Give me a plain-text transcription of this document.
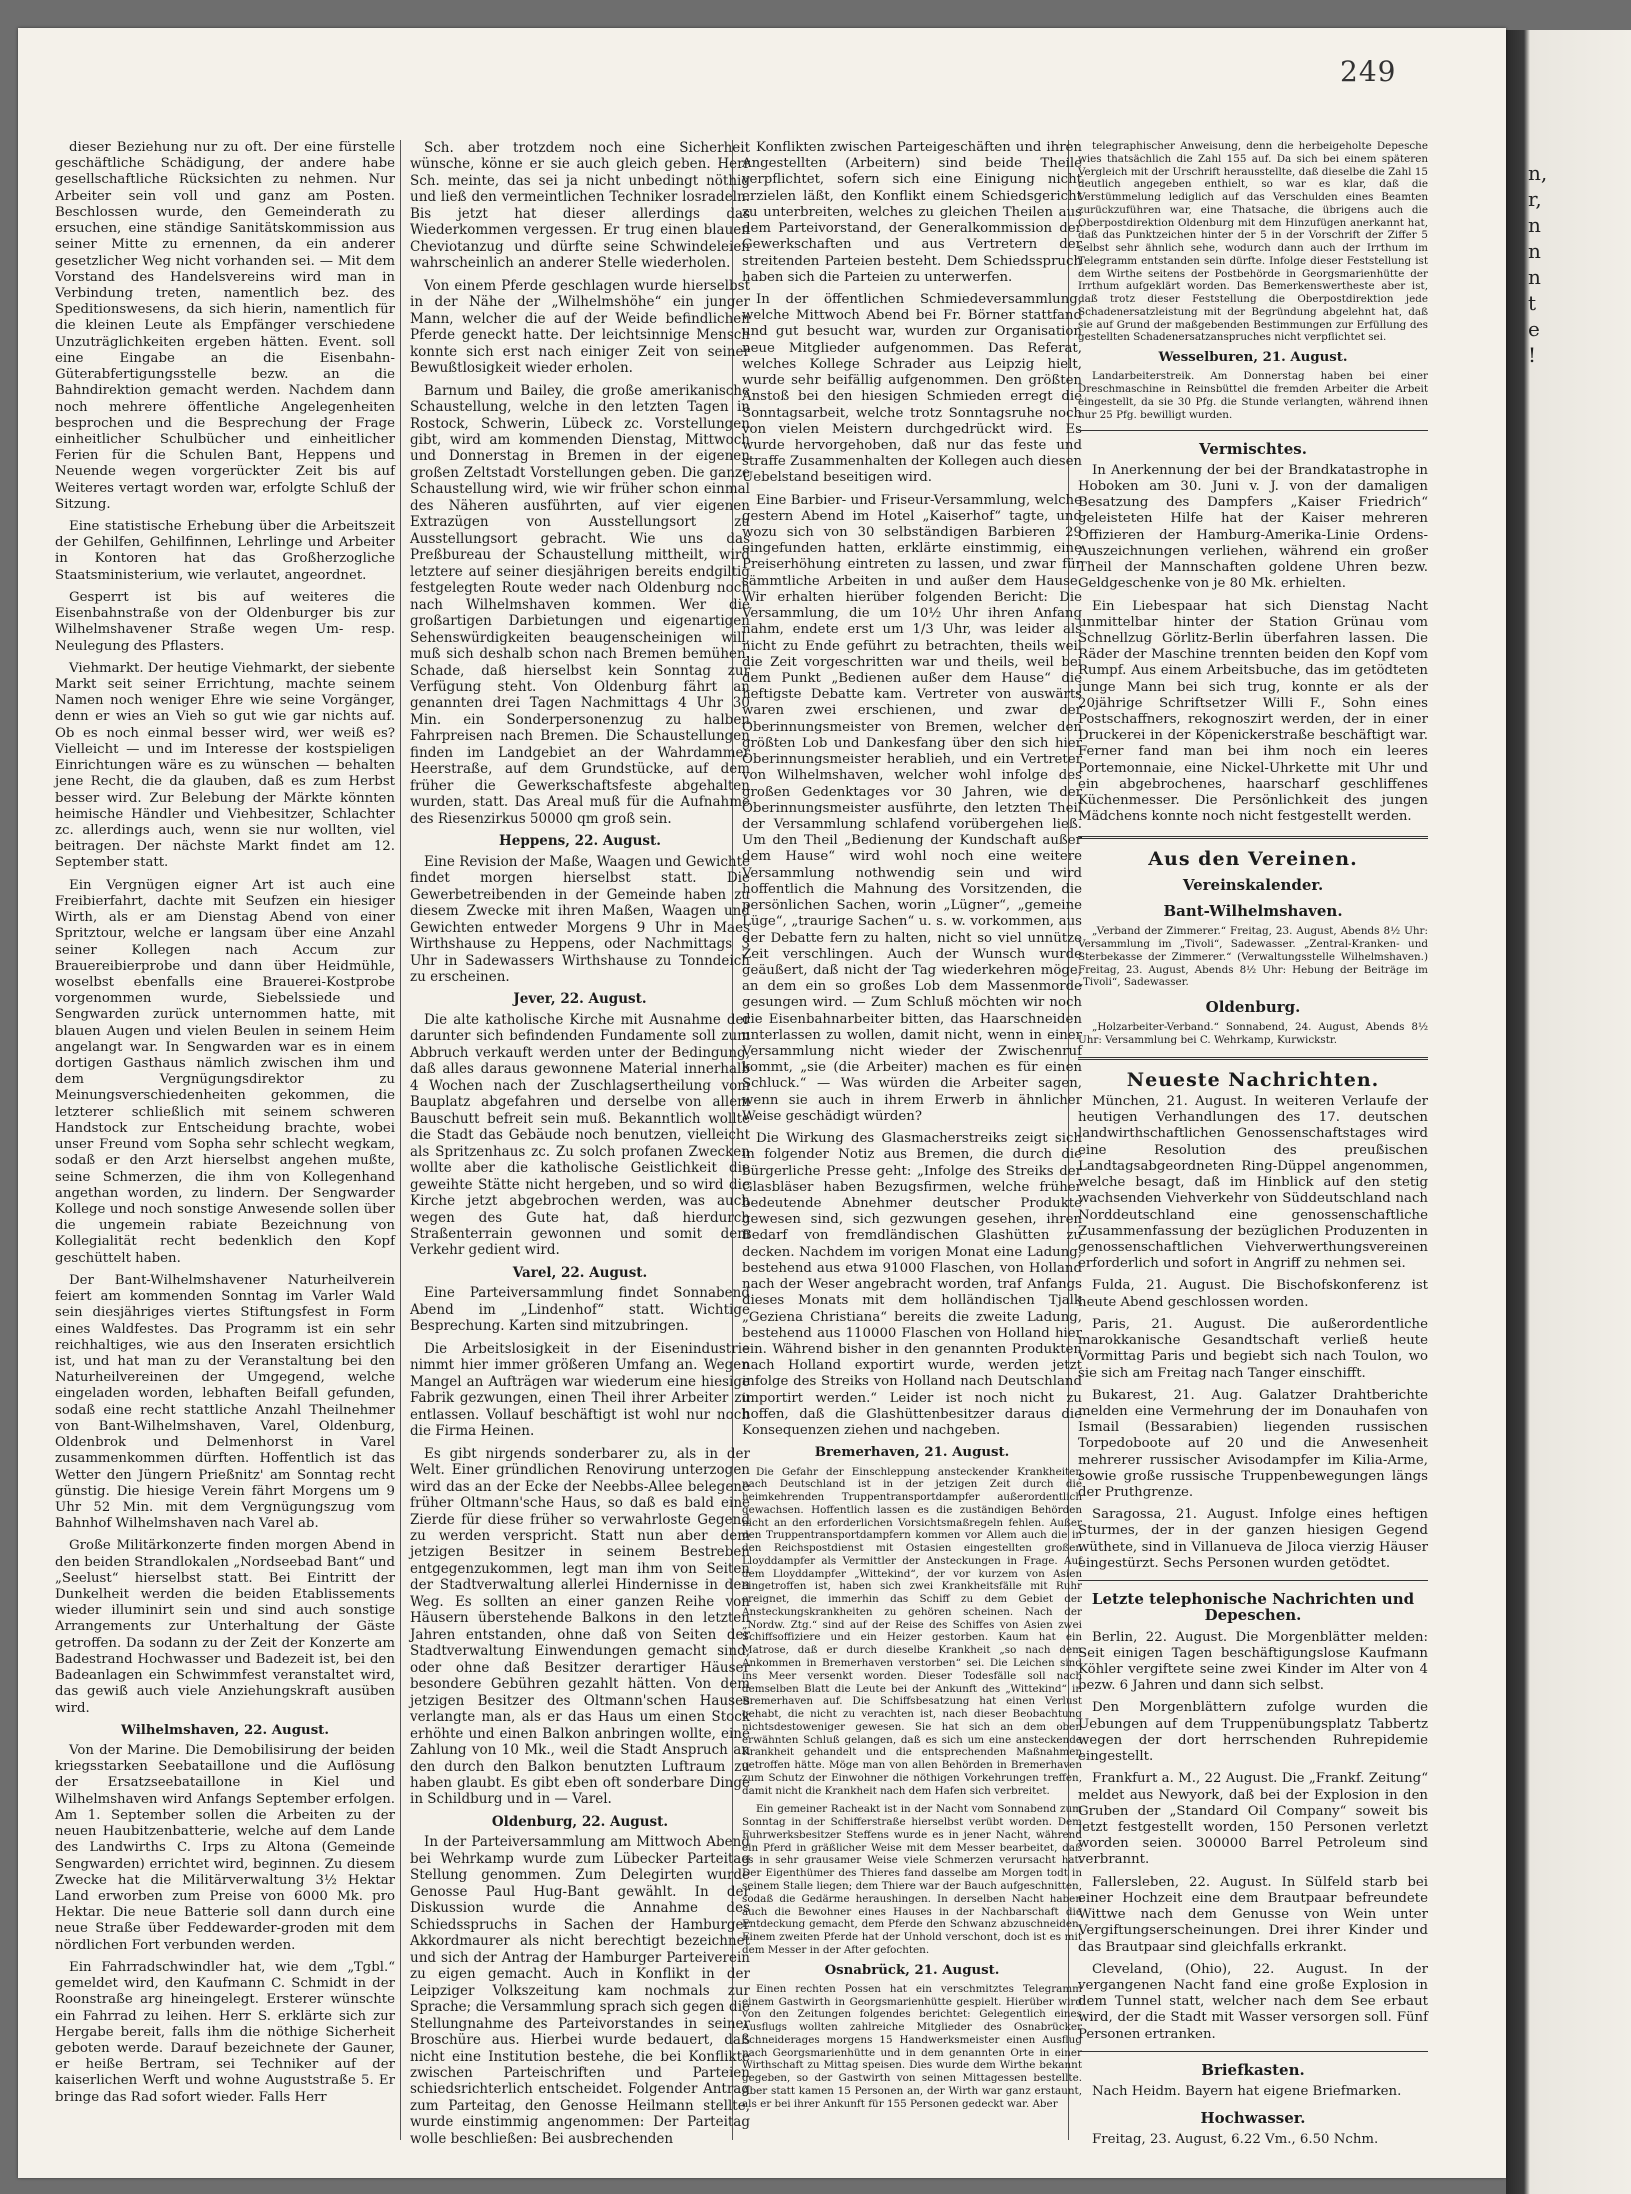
n,
r,
n
n
n
t
e
!
249

dieser Beziehung nur zu oft. Der eine fürstelle geschäftliche Schädigung, der andere habe gesellschaftliche Rücksichten zu nehmen. Nur Arbeiter sein voll und ganz am Posten. Beschlossen wurde, den Gemeinderath zu ersuchen, eine ständige Sanitätskommission aus seiner Mitte zu ernennen, da ein anderer gesetzlicher Weg nicht vorhanden sei. — Mit dem Vorstand des Handelsvereins wird man in Verbindung treten, namentlich bez. des Speditionswesens, da sich hierin, namentlich für die kleinen Leute als Empfänger verschiedene Unzuträglichkeiten ergeben hätten. Event. soll eine Eingabe an die Eisenbahn-Güterabfertigungsstelle bezw. an die Bahndirektion gemacht werden. Nachdem dann noch mehrere öffentliche Angelegenheiten besprochen und die Besprechung der Frage einheitlicher Schulbücher und einheitlicher Ferien für die Schulen Bant, Heppens und Neuende wegen vorgerückter Zeit bis auf Weiteres vertagt worden war, erfolgte Schluß der Sitzung.

Eine statistische Erhebung über die Arbeitszeit der Gehilfen, Gehilfinnen, Lehrlinge und Arbeiter in Kontoren hat das Großherzogliche Staatsministerium, wie verlautet, angeordnet.

Gesperrt ist bis auf weiteres die Eisenbahnstraße von der Oldenburger bis zur Wilhelmshavener Straße wegen Um- resp. Neulegung des Pflasters.

Viehmarkt. Der heutige Viehmarkt, der siebente Markt seit seiner Errichtung, machte seinem Namen noch weniger Ehre wie seine Vorgänger, denn er wies an Vieh so gut wie gar nichts auf. Ob es noch einmal besser wird, wer weiß es? Vielleicht — und im Interesse der kostspieligen Einrichtungen wäre es zu wünschen — behalten jene Recht, die da glauben, daß es zum Herbst besser wird. Zur Belebung der Märkte könnten heimische Händler und Viehbesitzer, Schlachter zc. allerdings auch, wenn sie nur wollten, viel beitragen. Der nächste Markt findet am 12. September statt.

Ein Vergnügen eigner Art ist auch eine Freibierfahrt, dachte mit Seufzen ein hiesiger Wirth, als er am Dienstag Abend von einer Spritztour, welche er langsam über eine Anzahl seiner Kollegen nach Accum zur Brauereibierprobe und dann über Heidmühle, woselbst ebenfalls eine Brauerei-Kostprobe vorgenommen wurde, Siebelssiede und Sengwarden zurück unternommen hatte, mit blauen Augen und vielen Beulen in seinem Heim angelangt war. In Sengwarden war es in einem dortigen Gasthaus nämlich zwischen ihm und dem Vergnügungsdirektor zu Meinungsverschiedenheiten gekommen, die letzterer schließlich mit seinem schweren Handstock zur Entscheidung brachte, wobei unser Freund vom Sopha sehr schlecht wegkam, sodaß er den Arzt hierselbst angehen mußte, seine Schmerzen, die ihm von Kollegenhand angethan worden, zu lindern. Der Sengwarder Kollege und noch sonstige Anwesende sollen über die ungemein rabiate Bezeichnung von Kollegialität recht bedenklich den Kopf geschüttelt haben.

Der Bant-Wilhelmshavener Naturheilverein feiert am kommenden Sonntag im Varler Wald sein diesjähriges viertes Stiftungsfest in Form eines Waldfestes. Das Programm ist ein sehr reichhaltiges, wie aus den Inseraten ersichtlich ist, und hat man zu der Veranstaltung bei den Naturheilvereinen der Umgegend, welche eingeladen worden, lebhaften Beifall gefunden, sodaß eine recht stattliche Anzahl Theilnehmer von Bant-Wilhelmshaven, Varel, Oldenburg, Oldenbrok und Delmenhorst in Varel zusammenkommen dürften. Hoffentlich ist das Wetter den Jüngern Prießnitz' am Sonntag recht günstig. Die hiesige Verein fährt Morgens um 9 Uhr 52 Min. mit dem Vergnügungszug vom Bahnhof Wilhelmshaven nach Varel ab.

Große Militärkonzerte finden morgen Abend in den beiden Strandlokalen „Nordseebad Bant“ und „Seelust“ hierselbst statt. Bei Eintritt der Dunkelheit werden die beiden Etablissements wieder illuminirt sein und sind auch sonstige Arrangements zur Unterhaltung der Gäste getroffen. Da sodann zu der Zeit der Konzerte am Badestrand Hochwasser und Badezeit ist, bei den Badeanlagen ein Schwimmfest veranstaltet wird, das gewiß auch viele Anziehungskraft ausüben wird.

Wilhelmshaven, 22. August.

Von der Marine. Die Demobilisirung der beiden kriegsstarken Seebataillone und die Auflösung der Ersatzseebataillone in Kiel und Wilhelmshaven wird Anfangs September erfolgen. Am 1. September sollen die Arbeiten zu der neuen Haubitzenbatterie, welche auf dem Lande des Landwirths C. Irps zu Altona (Gemeinde Sengwarden) errichtet wird, beginnen. Zu diesem Zwecke hat die Militärverwaltung 3½ Hektar Land erworben zum Preise von 6000 Mk. pro Hektar. Die neue Batterie soll dann durch eine neue Straße über Feddewarder-groden mit dem nördlichen Fort verbunden werden.

Ein Fahrradschwindler hat, wie dem „Tgbl.“ gemeldet wird, den Kaufmann C. Schmidt in der Roonstraße arg hineingelegt. Ersterer wünschte ein Fahrrad zu leihen. Herr S. erklärte sich zur Hergabe bereit, falls ihm die nöthige Sicherheit geboten werde. Darauf bezeichnete der Gauner, er heiße Bertram, sei Techniker auf der kaiserlichen Werft und wohne Auguststraße 5. Er bringe das Rad sofort wieder. Falls Herr

Sch. aber trotzdem noch eine Sicherheit wünsche, könne er sie auch gleich geben. Herr Sch. meinte, das sei ja nicht unbedingt nöthig und ließ den vermeintlichen Techniker losradeln. Bis jetzt hat dieser allerdings das Wiederkommen vergessen. Er trug einen blauen Cheviotanzug und dürfte seine Schwindeleien wahrscheinlich an anderer Stelle wiederholen.

Von einem Pferde geschlagen wurde hierselbst in der Nähe der „Wilhelmshöhe“ ein junger Mann, welcher die auf der Weide befindlichen Pferde geneckt hatte. Der leichtsinnige Mensch konnte sich erst nach einiger Zeit von seiner Bewußtlosigkeit wieder erholen.

Barnum und Bailey, die große amerikanische Schaustellung, welche in den letzten Tagen in Rostock, Schwerin, Lübeck zc. Vorstellungen gibt, wird am kommenden Dienstag, Mittwoch und Donnerstag in Bremen in der eigenen großen Zeltstadt Vorstellungen geben. Die ganze Schaustellung wird, wie wir früher schon einmal des Näheren ausführten, auf vier eigenen Extrazügen von Ausstellungsort zu Ausstellungsort gebracht. Wie uns das Preßbureau der Schaustellung mittheilt, wird letztere auf seiner diesjährigen bereits endgiltig festgelegten Route weder nach Oldenburg noch nach Wilhelmshaven kommen. Wer die großartigen Darbietungen und eigenartigen Sehenswürdigkeiten beaugenscheinigen will, muß sich deshalb schon nach Bremen bemühen. Schade, daß hierselbst kein Sonntag zur Verfügung steht. Von Oldenburg fährt an genannten drei Tagen Nachmittags 4 Uhr 30 Min. ein Sonderpersonenzug zu halben Fahrpreisen nach Bremen. Die Schaustellungen finden im Landgebiet an der Wahrdammer Heerstraße, auf dem Grundstücke, auf dem früher die Gewerkschaftsfeste abgehalten wurden, statt. Das Areal muß für die Aufnahme des Riesenzirkus 50000 qm groß sein.

Heppens, 22. August.

Eine Revision der Maße, Waagen und Gewichte findet morgen hierselbst statt. Die Gewerbetreibenden in der Gemeinde haben zu diesem Zwecke mit ihren Maßen, Waagen und Gewichten entweder Morgens 9 Uhr in Maes Wirthshause zu Heppens, oder Nachmittags 3 Uhr in Sadewassers Wirthshause zu Tonndeich zu erscheinen.

Jever, 22. August.

Die alte katholische Kirche mit Ausnahme der darunter sich befindenden Fundamente soll zum Abbruch verkauft werden unter der Bedingung, daß alles daraus gewonnene Material innerhalb 4 Wochen nach der Zuschlagsertheilung vom Bauplatz abgefahren und derselbe von allem Bauschutt befreit sein muß. Bekanntlich wollte die Stadt das Gebäude noch benutzen, vielleicht als Spritzenhaus zc. Zu solch profanen Zwecken wollte aber die katholische Geistlichkeit die geweihte Stätte nicht hergeben, und so wird die Kirche jetzt abgebrochen werden, was auch wegen des Gute hat, daß hierdurch Straßenterrain gewonnen und somit dem Verkehr gedient wird.

Varel, 22. August.

Eine Parteiversammlung findet Sonnabend Abend im „Lindenhof“ statt. Wichtige Besprechung. Karten sind mitzubringen.

Die Arbeitslosigkeit in der Eisenindustrie nimmt hier immer größeren Umfang an. Wegen Mangel an Aufträgen war wiederum eine hiesige Fabrik gezwungen, einen Theil ihrer Arbeiter zu entlassen. Vollauf beschäftigt ist wohl nur noch die Firma Heinen.

Es gibt nirgends sonderbarer zu, als in der Welt. Einer gründlichen Renovirung unterzogen wird das an der Ecke der Neebbs-Allee belegene früher Oltmann'sche Haus, so daß es bald eine Zierde für diese früher so verwahrloste Gegend zu werden verspricht. Statt nun aber dem jetzigen Besitzer in seinem Bestreben entgegenzukommen, legt man ihm von Seiten der Stadtverwaltung allerlei Hindernisse in den Weg. Es sollten an einer ganzen Reihe von Häusern überstehende Balkons in den letzten Jahren entstanden, ohne daß von Seiten der Stadtverwaltung Einwendungen gemacht sind, oder ohne daß Besitzer derartiger Häuser besondere Gebühren gezahlt hätten. Von dem jetzigen Besitzer des Oltmann'schen Hauses verlangte man, als er das Haus um einen Stock erhöhte und einen Balkon anbringen wollte, eine Zahlung von 10 Mk., weil die Stadt Anspruch an den durch den Balkon benutzten Luftraum zu haben glaubt. Es gibt eben oft sonderbare Dinge in Schildburg und in — Varel.

Oldenburg, 22. August.

In der Parteiversammlung am Mittwoch Abend bei Wehrkamp wurde zum Lübecker Parteitag Stellung genommen. Zum Delegirten wurde Genosse Paul Hug-Bant gewählt. In der Diskussion wurde die Annahme des Schiedsspruchs in Sachen der Hamburger Akkordmaurer als nicht berechtigt bezeichnet und sich der Antrag der Hamburger Parteiverein zu eigen gemacht. Auch in Konflikt in der Leipziger Volkszeitung kam nochmals zur Sprache; die Versammlung sprach sich gegen die Stellungnahme des Parteivorstandes in seiner Broschüre aus. Hierbei wurde bedauert, daß nicht eine Institution bestehe, die bei Konflikte zwischen Parteischriften und Parteien schiedsrichterlich entscheidet. Folgender Antrag zum Parteitag, den Genosse Heilmann stellte, wurde einstimmig angenommen: Der Parteitag wolle beschließen: Bei ausbrechenden

Konflikten zwischen Parteigeschäften und ihren Angestellten (Arbeitern) sind beide Theile verpflichtet, sofern sich eine Einigung nicht erzielen läßt, den Konflikt einem Schiedsgericht zu unterbreiten, welches zu gleichen Theilen aus dem Parteivorstand, der Generalkommission der Gewerkschaften und aus Vertretern der streitenden Parteien besteht. Dem Schiedsspruch haben sich die Parteien zu unterwerfen.

In der öffentlichen Schmiedeversammlung, welche Mittwoch Abend bei Fr. Börner stattfand und gut besucht war, wurden zur Organisation neue Mitglieder aufgenommen. Das Referat, welches Kollege Schrader aus Leipzig hielt, wurde sehr beifällig aufgenommen. Den größten Anstoß bei den hiesigen Schmieden erregt die Sonntagsarbeit, welche trotz Sonntagsruhe noch von vielen Meistern durchgedrückt wird. Es wurde hervorgehoben, daß nur das feste und straffe Zusammenhalten der Kollegen auch diesen Uebelstand beseitigen wird.

Eine Barbier- und Friseur-Versammlung, welche gestern Abend im Hotel „Kaiserhof“ tagte, und wozu sich von 30 selbständigen Barbieren 29 eingefunden hatten, erklärte einstimmig, eine Preiserhöhung eintreten zu lassen, und zwar für sämmtliche Arbeiten in und außer dem Hause. Wir erhalten hierüber folgenden Bericht: Die Versammlung, die um 10½ Uhr ihren Anfang nahm, endete erst um 1/3 Uhr, was leider als nicht zu Ende geführt zu betrachten, theils weil die Zeit vorgeschritten war und theils, weil bei dem Punkt „Bedienen außer dem Hause“ die heftigste Debatte kam. Vertreter von auswärts waren zwei erschienen, und zwar der Oberinnungsmeister von Bremen, welcher den größten Lob und Dankesfang über den sich hier Oberinnungsmeister herablieh, und ein Vertreter von Wilhelmshaven, welcher wohl infolge des großen Gedenktages vor 30 Jahren, wie der Oberinnungsmeister ausführte, den letzten Theil der Versammlung schlafend vorübergehen ließ. Um den Theil „Bedienung der Kundschaft außer dem Hause“ wird wohl noch eine weitere Versammlung nothwendig sein und wird hoffentlich die Mahnung des Vorsitzenden, die persönlichen Sachen, worin „Lügner“, „gemeine Lüge“, „traurige Sachen“ u. s. w. vorkommen, aus der Debatte fern zu halten, nicht so viel unnütze Zeit verschlingen. Auch der Wunsch wurde geäußert, daß nicht der Tag wiederkehren möge, an dem ein so großes Lob dem Massenmorde gesungen wird. — Zum Schluß möchten wir noch die Eisenbahnarbeiter bitten, das Haarschneiden unterlassen zu wollen, damit nicht, wenn in einer Versammlung nicht wieder der Zwischenruf kommt, „sie (die Arbeiter) machen es für einen Schluck.“ — Was würden die Arbeiter sagen, wenn sie auch in ihrem Erwerb in ähnlicher Weise geschädigt würden?

Die Wirkung des Glasmacherstreiks zeigt sich in folgender Notiz aus Bremen, die durch die bürgerliche Presse geht: „Infolge des Streiks der Glasbläser haben Bezugsfirmen, welche früher bedeutende Abnehmer deutscher Produkte gewesen sind, sich gezwungen gesehen, ihren Bedarf von fremdländischen Glashütten zu decken. Nachdem im vorigen Monat eine Ladung, bestehend aus etwa 91000 Flaschen, von Holland nach der Weser angebracht worden, traf Anfangs dieses Monats mit dem holländischen Tjalk „Geziena Christiana“ bereits die zweite Ladung, bestehend aus 110000 Flaschen von Holland hier ein. Während bisher in den genannten Produkten nach Holland exportirt wurde, werden jetzt infolge des Streiks von Holland nach Deutschland importirt werden.“ Leider ist noch nicht zu hoffen, daß die Glashüttenbesitzer daraus die Konsequenzen ziehen und nachgeben.

Bremerhaven, 21. August.

Die Gefahr der Einschleppung ansteckender Krankheiten nach Deutschland ist in der jetzigen Zeit durch die heimkehrenden Truppentransportdampfer außerordentlich gewachsen. Hoffentlich lassen es die zuständigen Behörden nicht an den erforderlichen Vorsichtsmaßregeln fehlen. Außer den Truppentransportdampfern kommen vor Allem auch die in den Reichspostdienst mit Ostasien eingestellten großen Lloyddampfer als Vermittler der Ansteckungen in Frage. Auf dem Lloyddampfer „Wittekind“, der vor kurzem von Asien eingetroffen ist, haben sich zwei Krankheitsfälle mit Ruhr ereignet, die immerhin das Schiff zu dem Gebiet der Ansteckungskrankheiten zu gehören scheinen. Nach der „Nordw. Ztg.“ sind auf der Reise des Schiffes von Asien zwei Schiffsoffiziere und ein Heizer gestorben. Kaum hat ein Matrose, daß er durch dieselbe Krankheit „so nach dem Ankommen in Bremerhaven verstorben“ sei. Die Leichen sind ins Meer versenkt worden. Dieser Todesfälle soll nach demselben Blatt die Leute bei der Ankunft des „Wittekind“ in Bremerhaven auf. Die Schiffsbesatzung hat einen Verlust gehabt, die nicht zu verachten ist, nach dieser Beobachtung nichtsdestoweniger gewesen. Sie hat sich an dem oben erwähnten Schluß gelangen, daß es sich um eine ansteckende Krankheit gehandelt und die entsprechenden Maßnahmen getroffen hätte. Möge man von allen Behörden in Bremerhaven zum Schutz der Einwohner die nöthigen Vorkehrungen treffen, damit nicht die Krankheit nach dem Hafen sich verbreitet.

Ein gemeiner Racheakt ist in der Nacht vom Sonnabend zum Sonntag in der Schifferstraße hierselbst verübt worden. Dem Fuhrwerksbesitzer Steffens wurde es in jener Nacht, während ein Pferd in gräßlicher Weise mit dem Messer bearbeitet, daß es in sehr grausamer Weise viele Schmerzen verursacht hat. Der Eigenthümer des Thieres fand dasselbe am Morgen todt in seinem Stalle liegen; dem Thiere war der Bauch aufgeschnitten, sodaß die Gedärme heraushingen. In derselben Nacht haben auch die Bewohner eines Hauses in der Nachbarschaft die Entdeckung gemacht, dem Pferde den Schwanz abzuschneiden. Einem zweiten Pferde hat der Unhold verschont, doch ist es mit dem Messer in der After gefochten.

Osnabrück, 21. August.

Einen rechten Possen hat ein verschmitztes Telegramm einem Gastwirth in Georgsmarienhütte gespielt. Hierüber wird von den Zeitungen folgendes berichtet: Gelegentlich eines Ausflugs wollten zahlreiche Mitglieder des Osnabrücker Schneiderages morgens 15 Handwerksmeister einen Ausflug nach Georgsmarienhütte und in dem genannten Orte in einer Wirthschaft zu Mittag speisen. Dies wurde dem Wirthe bekannt gegeben, so der Gastwirth von seinen Mittagessen bestellte. Aber statt kamen 15 Personen an, der Wirth war ganz erstaunt, als er bei ihrer Ankunft für 155 Personen gedeckt war. Aber

telegraphischer Anweisung, denn die herbeigeholte Depesche wies thatsächlich die Zahl 155 auf. Da sich bei einem späteren Vergleich mit der Urschrift herausstellte, daß dieselbe die Zahl 15 deutlich angegeben enthielt, so war es klar, daß die Verstümmelung lediglich auf das Verschulden eines Beamten zurückzuführen war, eine Thatsache, die übrigens auch die Oberpostdirektion Oldenburg mit dem Hinzufügen anerkannt hat, daß das Punktzeichen hinter der 5 in der Vorschrift der Ziffer 5 selbst sehr ähnlich sehe, wodurch dann auch der Irrthum im Telegramm entstanden sein dürfte. Infolge dieser Feststellung ist dem Wirthe seitens der Postbehörde in Georgsmarienhütte der Irrthum aufgeklärt worden. Das Bemerkenswertheste aber ist, daß trotz dieser Feststellung die Oberpostdirektion jede Schadenersatzleistung mit der Begründung abgelehnt hat, daß sie auf Grund der maßgebenden Bestimmungen zur Erfüllung des gestellten Schadenersatzanspruches nicht verpflichtet sei.

Wesselburen, 21. August.

Landarbeiterstreik. Am Donnerstag haben bei einer Dreschmaschine in Reinsbüttel die fremden Arbeiter die Arbeit eingestellt, da sie 30 Pfg. die Stunde verlangten, während ihnen nur 25 Pfg. bewilligt wurden.

Vermischtes.

In Anerkennung der bei der Brandkatastrophe in Hoboken am 30. Juni v. J. von der damaligen Besatzung des Dampfers „Kaiser Friedrich“ geleisteten Hilfe hat der Kaiser mehreren Offizieren der Hamburg-Amerika-Linie Ordens-Auszeichnungen verliehen, während ein großer Theil der Mannschaften goldene Uhren bezw. Geldgeschenke von je 80 Mk. erhielten.

Ein Liebespaar hat sich Dienstag Nacht unmittelbar hinter der Station Grünau vom Schnellzug Görlitz-Berlin überfahren lassen. Die Räder der Maschine trennten beiden den Kopf vom Rumpf. Aus einem Arbeitsbuche, das im getödteten junge Mann bei sich trug, konnte er als der 20jährige Schriftsetzer Willi F., Sohn eines Postschaffners, rekognoszirt werden, der in einer Druckerei in der Köpenickerstraße beschäftigt war. Ferner fand man bei ihm noch ein leeres Portemonnaie, eine Nickel-Uhrkette mit Uhr und ein abgebrochenes, haarscharf geschliffenes Küchenmesser. Die Persönlichkeit des jungen Mädchens konnte noch nicht festgestellt werden.

Aus den Vereinen.
Vereinskalender.
Bant-Wilhelmshaven.

„Verband der Zimmerer.“ Freitag, 23. August, Abends 8½ Uhr: Versammlung im „Tivoli“, Sadewasser. „Zentral-Kranken- und Sterbekasse der Zimmerer.“ (Verwaltungsstelle Wilhelmshaven.) Freitag, 23. August, Abends 8½ Uhr: Hebung der Beiträge im „Tivoli“, Sadewasser.

Oldenburg.

„Holzarbeiter-Verband.“ Sonnabend, 24. August, Abends 8½ Uhr: Versammlung bei C. Wehrkamp, Kurwickstr.

Neueste Nachrichten.

München, 21. August. In weiteren Verlaufe der heutigen Verhandlungen des 17. deutschen landwirthschaftlichen Genossenschaftstages wird eine Resolution des preußischen Landtagsabgeordneten Ring-Düppel angenommen, welche besagt, daß im Hinblick auf den stetig wachsenden Viehverkehr von Süddeutschland nach Norddeutschland eine genossenschaftliche Zusammenfassung der bezüglichen Produzenten in genossenschaftlichen Viehverwerthungsvereinen erforderlich und sofort in Angriff zu nehmen sei.

Fulda, 21. August. Die Bischofskonferenz ist heute Abend geschlossen worden.

Paris, 21. August. Die außerordentliche marokkanische Gesandtschaft verließ heute Vormittag Paris und begiebt sich nach Toulon, wo sie sich am Freitag nach Tanger einschifft.

Bukarest, 21. Aug. Galatzer Drahtberichte melden eine Vermehrung der im Donauhafen von Ismail (Bessarabien) liegenden russischen Torpedoboote auf 20 und die Anwesenheit mehrerer russischer Avisodampfer im Kilia-Arme, sowie große russische Truppenbewegungen längs der Pruthgrenze.

Saragossa, 21. August. Infolge eines heftigen Sturmes, der in der ganzen hiesigen Gegend wüthete, sind in Villanueva de Jiloca vierzig Häuser eingestürzt. Sechs Personen wurden getödtet.

Letzte telephonische Nachrichten und Depeschen.

Berlin, 22. August. Die Morgenblätter melden: Seit einigen Tagen beschäftigungslose Kaufmann Köhler vergiftete seine zwei Kinder im Alter von 4 bezw. 6 Jahren und dann sich selbst.

Den Morgenblättern zufolge wurden die Uebungen auf dem Truppenübungsplatz Tabbertz wegen der dort herrschenden Ruhrepidemie eingestellt.

Frankfurt a. M., 22 August. Die „Frankf. Zeitung“ meldet aus Newyork, daß bei der Explosion in den Gruben der „Standard Oil Company“ soweit bis jetzt festgestellt worden, 150 Personen verletzt worden seien. 300000 Barrel Petroleum sind verbrannt.

Fallersleben, 22. August. In Sülfeld starb bei einer Hochzeit eine dem Brautpaar befreundete Wittwe nach dem Genusse von Wein unter Vergiftungserscheinungen. Drei ihrer Kinder und das Brautpaar sind gleichfalls erkrankt.

Cleveland, (Ohio), 22. August. In der vergangenen Nacht fand eine große Explosion in dem Tunnel statt, welcher nach dem See erbaut wird, der die Stadt mit Wasser versorgen soll. Fünf Personen ertranken.

Briefkasten.

Nach Heidm. Bayern hat eigene Briefmarken.

Hochwasser.

Freitag, 23. August, 6.22 Vm., 6.50 Nchm.
